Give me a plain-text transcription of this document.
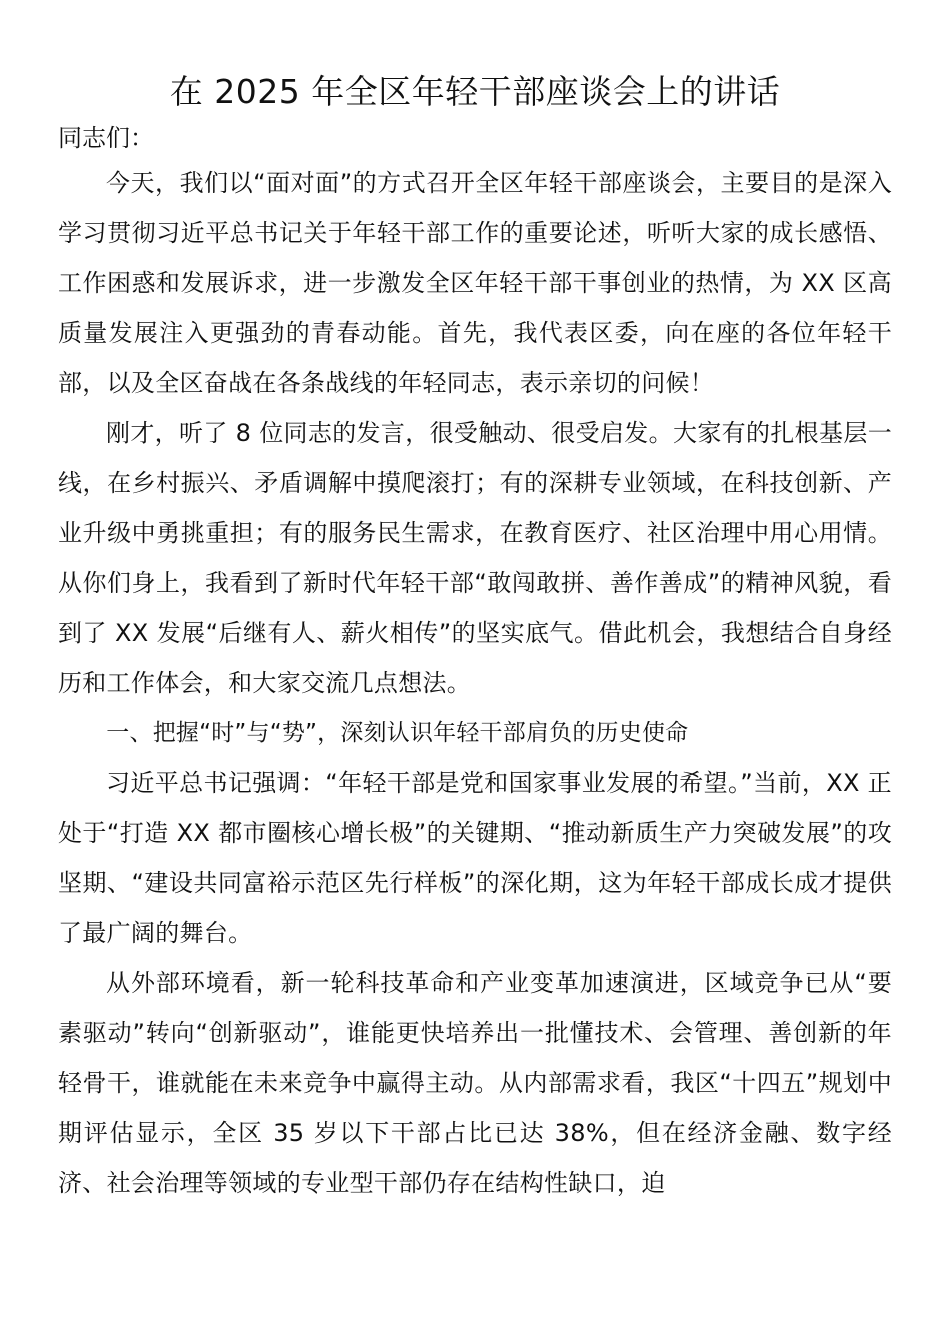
在 2025 年全区年轻干部座谈会上的讲话

同志们：

今天，我们以“面对面”的方式召开全区年轻干部座谈会，主要目的是深入学习贯彻习近平总书记关于年轻干部工作的重要论述，听听大家的成长感悟、工作困惑和发展诉求，进一步激发全区年轻干部干事创业的热情，为 XX 区高质量发展注入更强劲的青春动能。首先，我代表区委，向在座的各位年轻干部，以及全区奋战在各条战线的年轻同志，表示亲切的问候！

刚才，听了 8 位同志的发言，很受触动、很受启发。大家有的扎根基层一线，在乡村振兴、矛盾调解中摸爬滚打；有的深耕专业领域，在科技创新、产业升级中勇挑重担；有的服务民生需求，在教育医疗、社区治理中用心用情。从你们身上，我看到了新时代年轻干部“敢闯敢拼、善作善成”的精神风貌，看到了 XX 发展“后继有人、薪火相传”的坚实底气。借此机会，我想结合自身经历和工作体会，和大家交流几点想法。

一、把握“时”与“势”，深刻认识年轻干部肩负的历史使命

习近平总书记强调：“年轻干部是党和国家事业发展的希望。”当前，XX 正处于“打造 XX 都市圈核心增长极”的关键期、“推动新质生产力突破发展”的攻坚期、“建设共同富裕示范区先行样板”的深化期，这为年轻干部成长成才提供了最广阔的舞台。

从外部环境看，新一轮科技革命和产业变革加速演进，区域竞争已从“要素驱动”转向“创新驱动”，谁能更快培养出一批懂技术、会管理、善创新的年轻骨干，谁就能在未来竞争中赢得主动。从内部需求看，我区“十四五”规划中期评估显示，全区 35 岁以下干部占比已达 38%，但在经济金融、数字经济、社会治理等领域的专业型干部仍存在结构性缺口，迫
